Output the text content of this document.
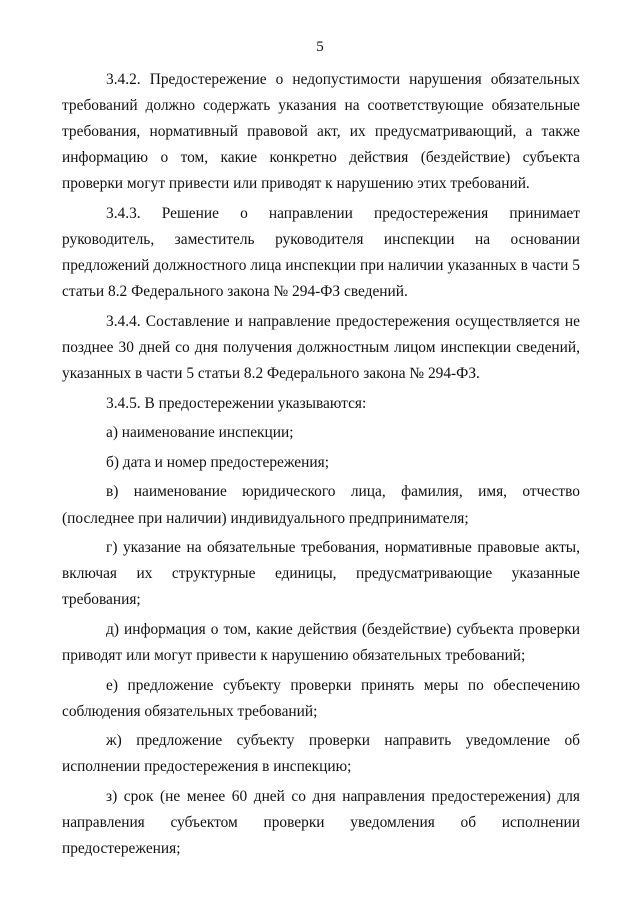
5

3.4.2. Предостережение о недопустимости нарушения обязательных требований должно содержать указания на соответствующие обязательные требования, нормативный правовой акт, их предусматривающий, а также информацию о том, какие конкретно действия (бездействие) субъекта проверки могут привести или приводят к нарушению этих требований.

3.4.3. Решение о направлении предостережения принимает руководитель, заместитель руководителя инспекции на основании предложений должностного лица инспекции при наличии указанных в части 5 статьи 8.2 Федерального закона № 294-ФЗ сведений.

3.4.4. Составление и направление предостережения осуществляется не позднее 30 дней со дня получения должностным лицом инспекции сведений, указанных в части 5 статьи 8.2 Федерального закона № 294-ФЗ.

3.4.5. В предостережении указываются:

а) наименование инспекции;

б) дата и номер предостережения;

в) наименование юридического лица, фамилия, имя, отчество (последнее при наличии) индивидуального предпринимателя;

г) указание на обязательные требования, нормативные правовые акты, включая их структурные единицы, предусматривающие указанные требования;

д) информация о том, какие действия (бездействие) субъекта проверки приводят или могут привести к нарушению обязательных требований;

е) предложение субъекту проверки принять меры по обеспечению соблюдения обязательных требований;

ж) предложение субъекту проверки направить уведомление об исполнении предостережения в инспекцию;

з) срок (не менее 60 дней со дня направления предостережения) для направления субъектом проверки уведомления об исполнении предостережения;
